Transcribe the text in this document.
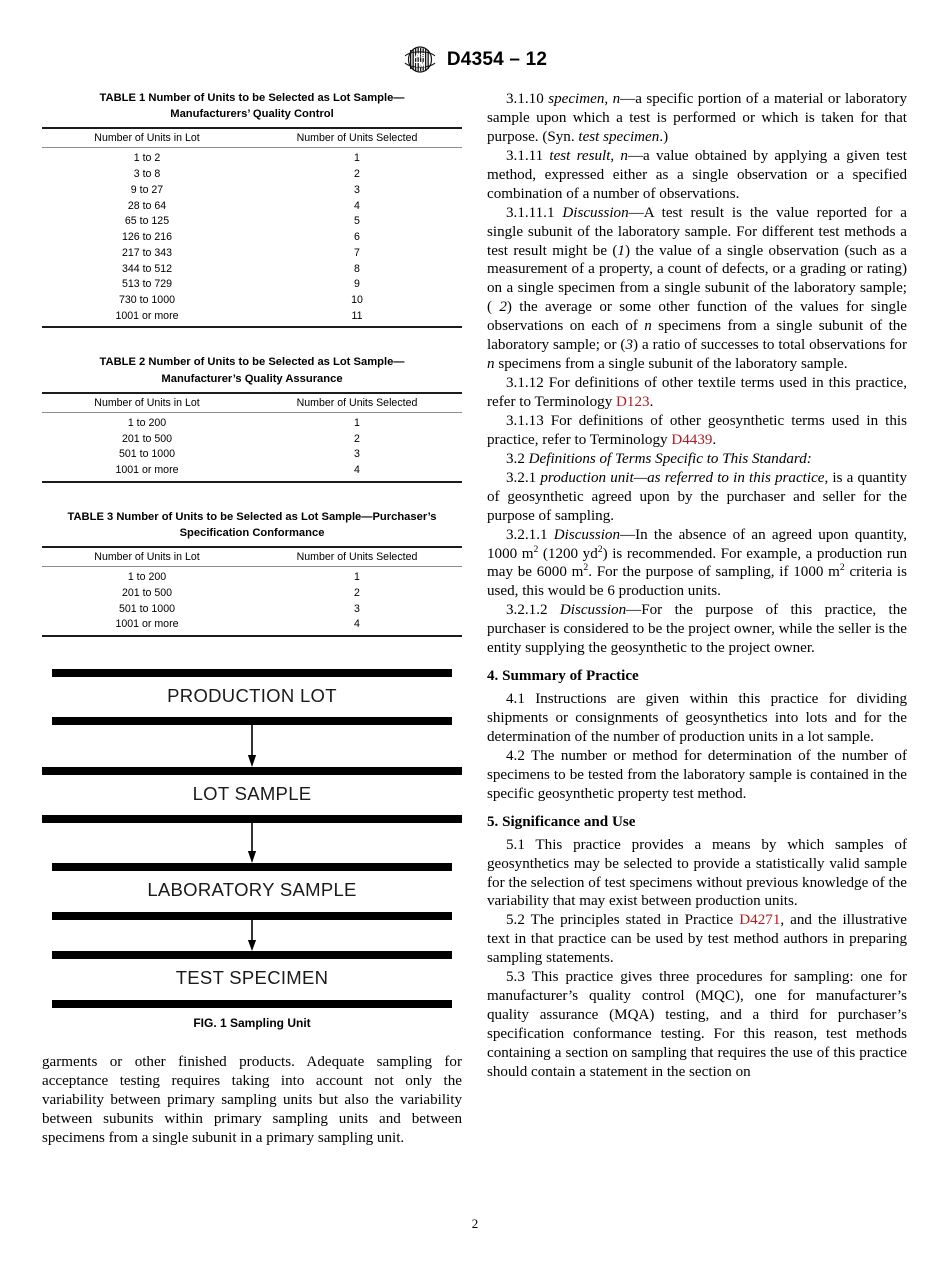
AS
TM D4354 – 12
TABLE 1 Number of Units to be Selected as Lot Sample—Manufacturers’ Quality Control
Number of Units in Lot	Number of Units Selected
1 to 2	1
3 to 8	2
9 to 27	3
28 to 64	4
65 to 125	5
126 to 216	6
217 to 343	7
344 to 512	8
513 to 729	9
730 to 1000	10
1001 or more	11
TABLE 2 Number of Units to be Selected as Lot Sample—Manufacturer’s Quality Assurance
Number of Units in Lot	Number of Units Selected
1 to 200	1
201 to 500	2
501 to 1000	3
1001 or more	4
TABLE 3 Number of Units to be Selected as Lot Sample—Purchaser’s Specification Conformance
Number of Units in Lot	Number of Units Selected
1 to 200	1
201 to 500	2
501 to 1000	3
1001 or more	4
PRODUCTION LOT
LOT SAMPLE
LABORATORY SAMPLE
TEST SPECIMEN
FIG. 1 Sampling Unit

garments or other finished products. Adequate sampling for acceptance testing requires taking into account not only the variability between primary sampling units but also the variability between subunits within primary sampling units and between specimens from a single subunit in a primary sampling unit.

3.1.10 specimen, n—a specific portion of a material or laboratory sample upon which a test is performed or which is taken for that purpose. (Syn. test specimen.)

3.1.11 test result, n—a value obtained by applying a given test method, expressed either as a single observation or a specified combination of a number of observations.

3.1.11.1 Discussion—A test result is the value reported for a single subunit of the laboratory sample. For different test methods a test result might be (1) the value of a single observation (such as a measurement of a property, a count of defects, or a grading or rating) on a single specimen from a single subunit of the laboratory sample; ( 2) the average or some other function of the values for single observations on each of n specimens from a single subunit of the laboratory sample; or (3) a ratio of successes to total observations for n specimens from a single subunit of the laboratory sample.

3.1.12 For definitions of other textile terms used in this practice, refer to Terminology D123.

3.1.13 For definitions of other geosynthetic terms used in this practice, refer to Terminology D4439.

3.2 Definitions of Terms Specific to This Standard:

3.2.1 production unit—as referred to in this practice, is a quantity of geosynthetic agreed upon by the purchaser and seller for the purpose of sampling.

3.2.1.1 Discussion—In the absence of an agreed upon quantity, 1000 $m^2$ (1200 $yd^2$) is recommended. For example, a production run may be 6000 $m^2$. For the purpose of sampling, if 1000 $m^2$ criteria is used, this would be 6 production units.

3.2.1.2 Discussion—For the purpose of this practice, the purchaser is considered to be the project owner, while the seller is the entity supplying the geosynthetic to the project owner.

4. Summary of Practice

4.1 Instructions are given within this practice for dividing shipments or consignments of geosynthetics into lots and for the determination of the number of production units in a lot sample.

4.2 The number or method for determination of the number of specimens to be tested from the laboratory sample is contained in the specific geosynthetic property test method.

5. Significance and Use

5.1 This practice provides a means by which samples of geosynthetics may be selected to provide a statistically valid sample for the selection of test specimens without previous knowledge of the variability that may exist between production units.

5.2 The principles stated in Practice D4271, and the illustrative text in that practice can be used by test method authors in preparing sampling statements.

5.3 This practice gives three procedures for sampling: one for manufacturer’s quality control (MQC), one for manufacturer’s quality assurance (MQA) testing, and a third for purchaser’s specification conformance testing. For this reason, test methods containing a section on sampling that requires the use of this practice should contain a statement in the section on

2
